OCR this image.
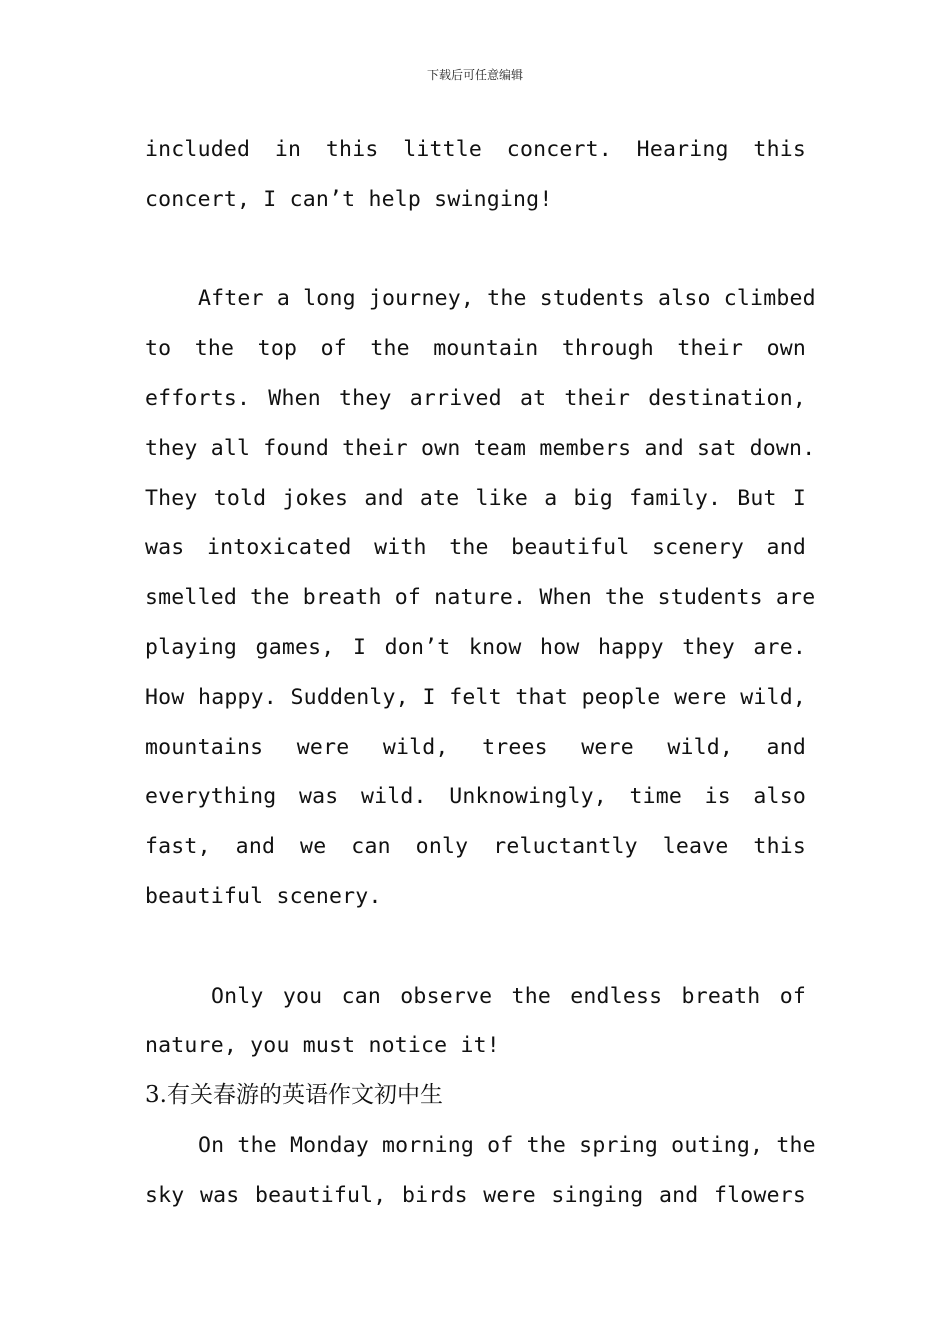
下载后可任意编辑
included in this little concert. Hearing this
concert, I can’t help swinging!
After a long journey, the students also climbed
to the top of the mountain through their own
efforts. When they arrived at their destination,
they all found their own team members and sat down.
They told jokes and ate like a big family. But I
was intoxicated with the beautiful scenery and
smelled the breath of nature. When the students are
playing games, I don’t know how happy they are.
How happy. Suddenly, I felt that people were wild,
mountains were wild, trees were wild, and
everything was wild. Unknowingly, time is also
fast, and we can only reluctantly leave this
beautiful scenery.
Only you can observe the endless breath of
nature, you must notice it!
3.有关春游的英语作文初中生
On the Monday morning of the spring outing, the
sky was beautiful, birds were singing and flowers
